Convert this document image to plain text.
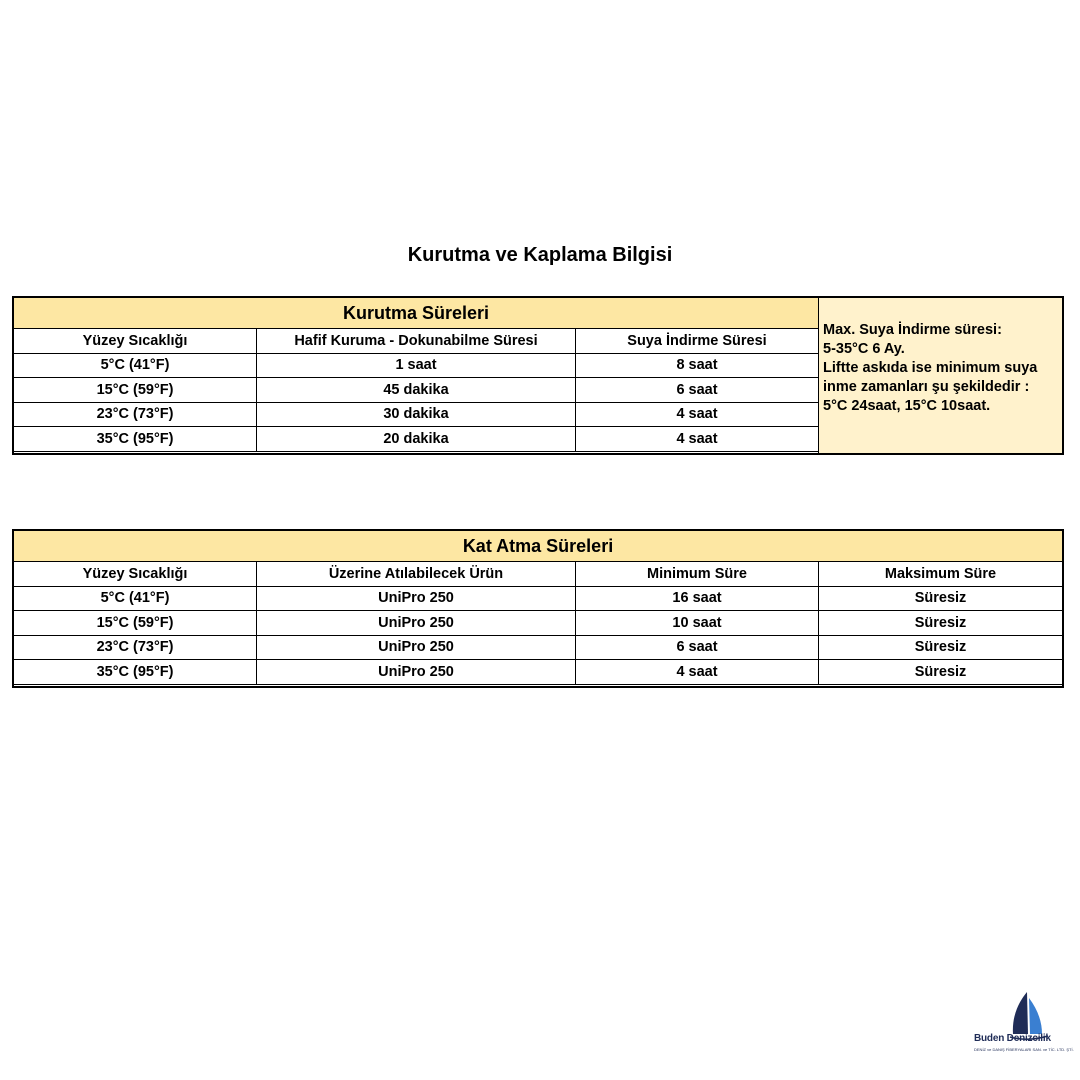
Kurutma ve Kaplama Bilgisi
Kurutma Süreleri		
Yüzey Sıcaklığı	Hafif Kuruma - Dokunabilme Süresi	Suya İndirme Süresi
5°C (41°F)	1 saat	8 saat
15°C (59°F)	45 dakika	6 saat
23°C (73°F)	30 dakika	4 saat
35°C (95°F)	20 dakika	4 saat
Max. Suya İndirme süresi:
5-35°C 6 Ay.
Liftte askıda ise minimum suya
inme zamanları şu şekildedir :
5°C 24saat, 15°C 10saat.
Kat Atma Süreleri			
Yüzey Sıcaklığı	Üzerine Atılabilecek Ürün	Minimum Süre	Maksimum Süre
5°C (41°F)	UniPro 250	16 saat	Süresiz
15°C (59°F)	UniPro 250	10 saat	Süresiz
23°C (73°F)	UniPro 250	6 saat	Süresiz
35°C (95°F)	UniPro 250	4 saat	Süresiz
Buden Denizcilik
DENİZ ve DANIŞ FİBERYALARI SAN. ve TİC. LTD. ŞTİ.
